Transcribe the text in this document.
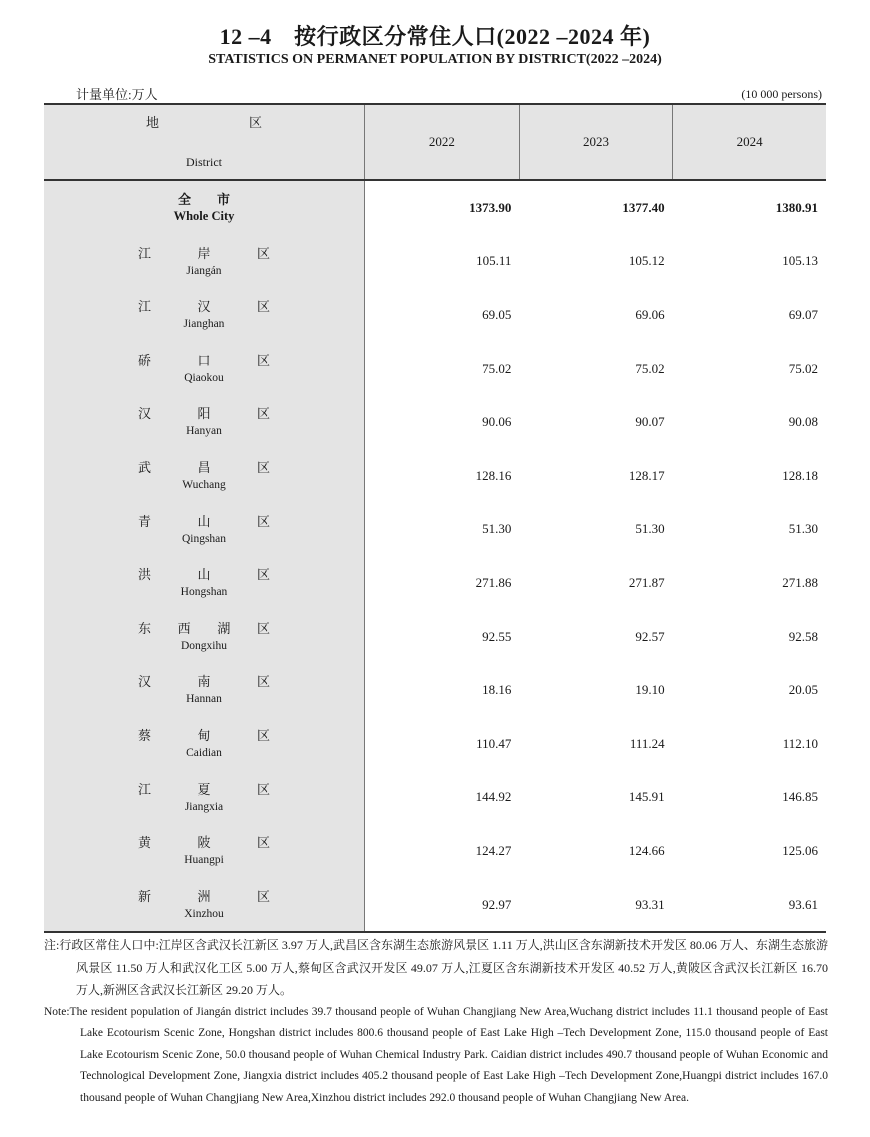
12 –4　按行政区分常住人口(2022 –2024 年)
STATISTICS ON PERMANET POPULATION BY DISTRICT(2022 –2024)
计量单位:万人	(10 000 persons)
地区
District	2022	2023	2024

全 市
Whole City	1373.90	1377.40	1380.91

江 岸 区
Jiangán	105.11	105.12	105.13

江 汉 区
Jianghan	69.05	69.06	69.07

硚 口 区
Qiaokou	75.02	75.02	75.02

汉 阳 区
Hanyan	90.06	90.07	90.08

武 昌 区
Wuchang	128.16	128.17	128.18

青 山 区
Qingshan	51.30	51.30	51.30

洪 山 区
Hongshan	271.86	271.87	271.88

东 西 湖 区
Dongxihu	92.55	92.57	92.58

汉 南 区
Hannan	18.16	19.10	20.05

蔡 甸 区
Caidian	110.47	111.24	112.10

江 夏 区
Jiangxia	144.92	145.91	146.85

黄 陂 区
Huangpi	124.27	124.66	125.06

新 洲 区
Xinzhou	92.97	93.31	93.61
注:行政区常住人口中:江岸区含武汉长江新区 3.97 万人,武昌区含东湖生态旅游风景区 1.11 万人,洪山区含东湖新技术开发区 80.06 万人、东湖生态旅游风景区 11.50 万人和武汉化工区 5.00 万人,蔡甸区含武汉开发区 49.07 万人,江夏区含东湖新技术开发区 40.52 万人,黄陂区含武汉长江新区 16.70 万人,新洲区含武汉长江新区 29.20 万人。
Note:The resident population of Jiangán district includes 39.7 thousand people of Wuhan Changjiang New Area,Wuchang district includes 11.1 thousand people of East Lake Ecotourism Scenic Zone, Hongshan district includes 800.6 thousand people of East Lake High –Tech Development Zone, 115.0 thousand people of East Lake Ecotourism Scenic Zone, 50.0 thousand people of Wuhan Chemical Industry Park. Caidian district includes 490.7 thousand people of Wuhan Economic and Technological Development Zone, Jiangxia district includes 405.2 thousand people of East Lake High –Tech Development Zone,Huangpi district includes 167.0 thousand people of Wuhan Changjiang New Area,Xinzhou district includes 292.0 thousand people of Wuhan Changjiang New Area.
